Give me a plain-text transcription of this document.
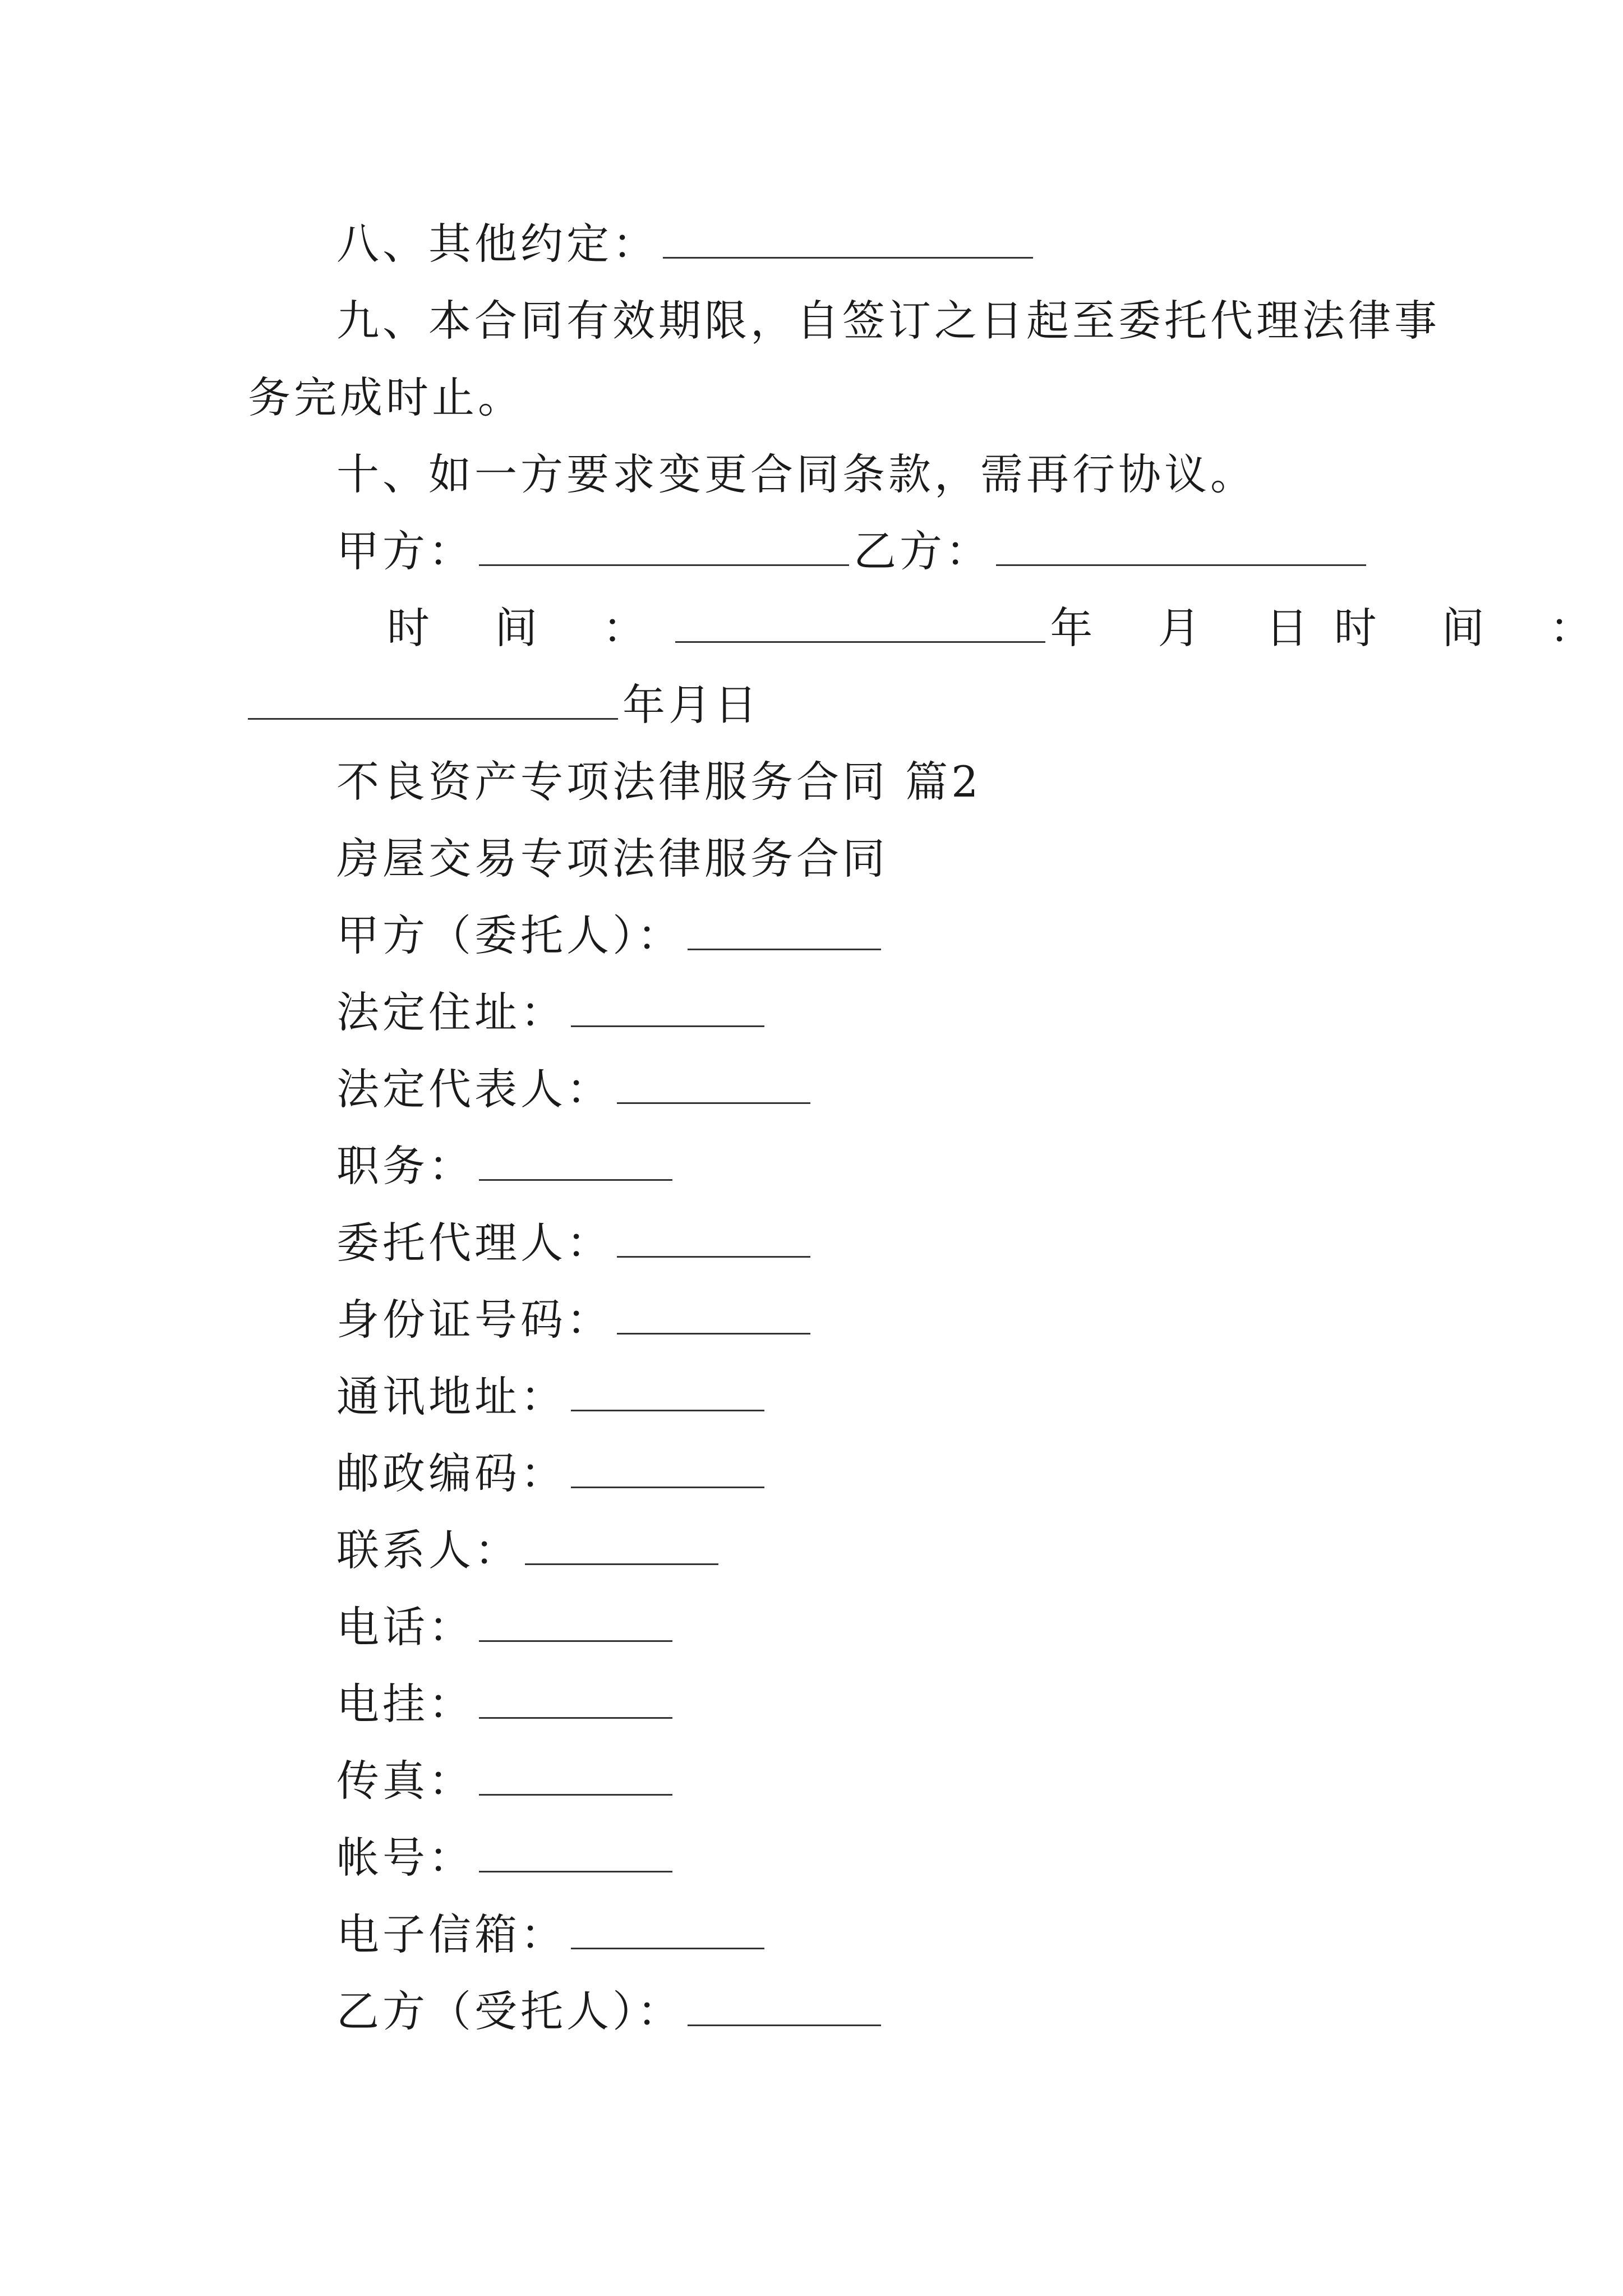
八、其他约定：
九、本合同有效期限，自签订之日起至委托代理法律事
务完成时止。
十、如一方要求变更合同条款，需再行协议。
甲方：	乙方：
时 间 ：	年 月 日时 间 ：
年月日
不良资产专项法律服务合同 篇2
房屋交易专项法律服务合同
甲方（委托人）：
法定住址：
法定代表人：
职务：
委托代理人：
身份证号码：
通讯地址：
邮政编码：
联系人：
电话：
电挂：
传真：
帐号：
电子信箱：
乙方（受托人）：
